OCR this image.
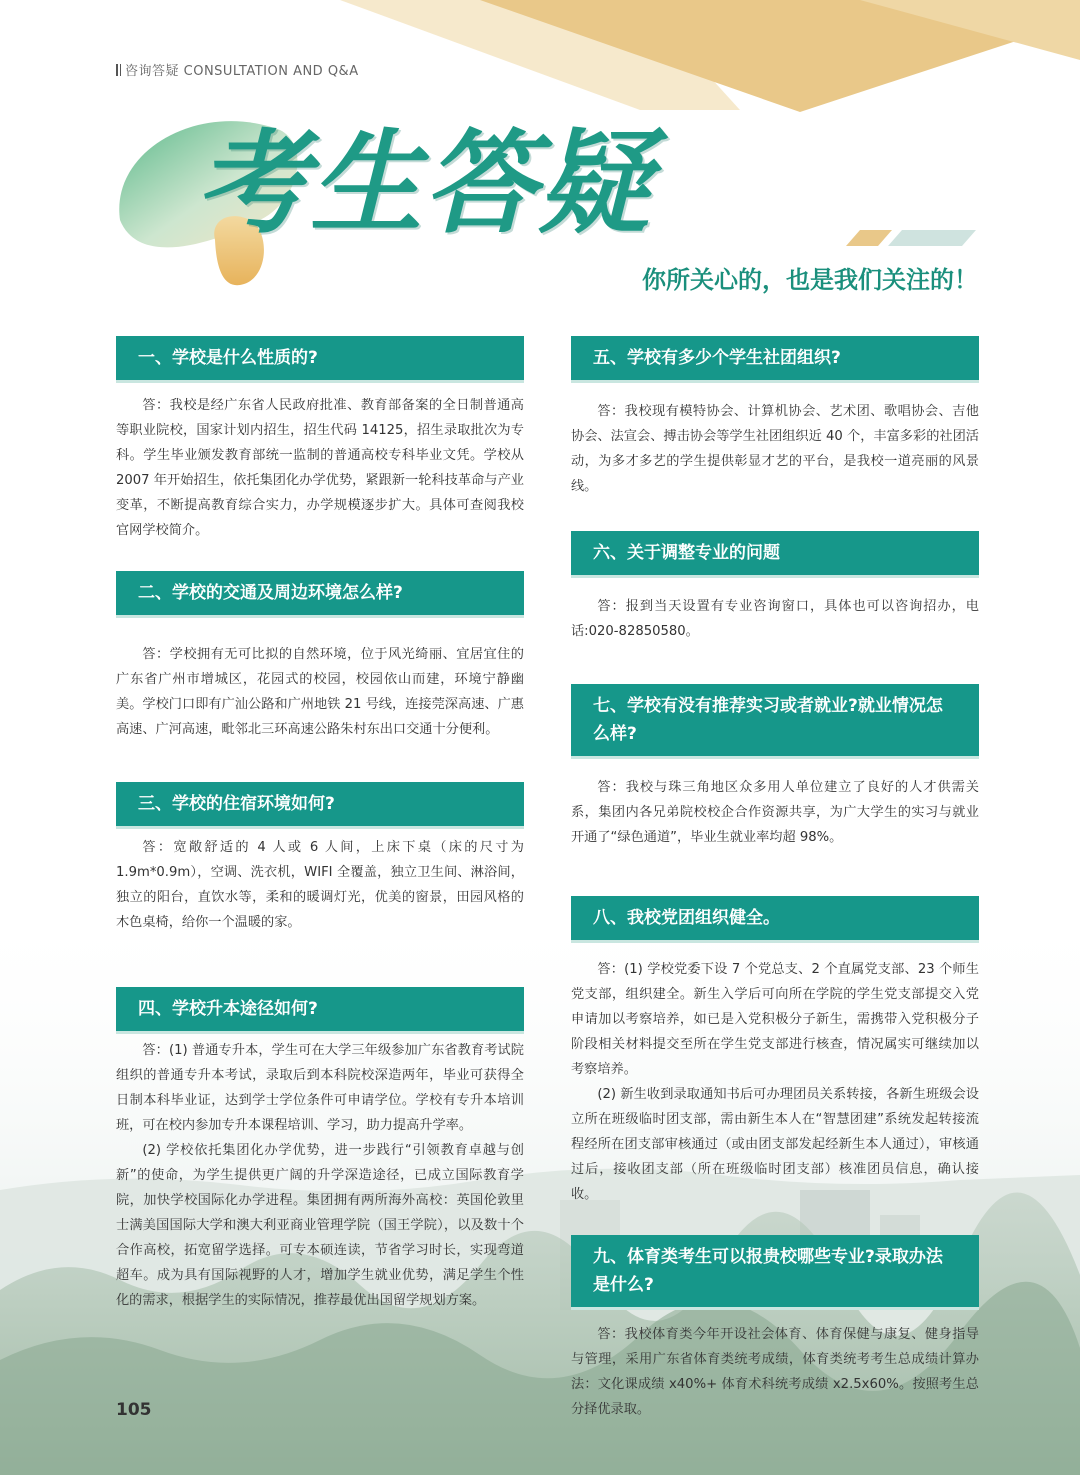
咨询答疑 CONSULTATION AND Q&A
考生答疑
你所关心的，也是我们关注的！
一、学校是什么性质的?

答：我校是经广东省人民政府批准、教育部备案的全日制普通高等职业院校，国家计划内招生，招生代码 14125，招生录取批次为专科。学生毕业颁发教育部统一监制的普通高校专科毕业文凭。学校从 2007 年开始招生，依托集团化办学优势，紧跟新一轮科技革命与产业变革，不断提高教育综合实力，办学规模逐步扩大。具体可查阅我校官网学校简介。

二、学校的交通及周边环境怎么样?

答：学校拥有无可比拟的自然环境，位于风光绮丽、宜居宜住的广东省广州市增城区，花园式的校园，校园依山而建，环境宁静幽美。学校门口即有广汕公路和广州地铁 21 号线，连接莞深高速、广惠高速、广河高速，毗邻北三环高速公路朱村东出口交通十分便利。

三、学校的住宿环境如何?

答：宽敞舒适的 4 人或 6 人间，上床下桌（床的尺寸为 1.9m*0.9m），空调、洗衣机，WIFI 全覆盖，独立卫生间、淋浴间，独立的阳台，直饮水等，柔和的暖调灯光，优美的窗景，田园风格的木色桌椅，给你一个温暖的家。

四、学校升本途径如何?

答：(1) 普通专升本，学生可在大学三年级参加广东省教育考试院组织的普通专升本考试，录取后到本科院校深造两年，毕业可获得全日制本科毕业证，达到学士学位条件可申请学位。学校有专升本培训班，可在校内参加专升本课程培训、学习，助力提高升学率。

(2) 学校依托集团化办学优势，进一步践行“引领教育卓越与创新”的使命，为学生提供更广阔的升学深造途径，已成立国际教育学院，加快学校国际化办学进程。集团拥有两所海外高校：英国伦敦里士满美国国际大学和澳大利亚商业管理学院（国王学院），以及数十个合作高校，拓宽留学选择。可专本硕连读，节省学习时长，实现弯道超车。成为具有国际视野的人才，增加学生就业优势，满足学生个性化的需求，根据学生的实际情况，推荐最优出国留学规划方案。

五、学校有多少个学生社团组织?

答：我校现有模特协会、计算机协会、艺术团、歌唱协会、吉他协会、法宣会、搏击协会等学生社团组织近 40 个，丰富多彩的社团活动，为多才多艺的学生提供彰显才艺的平台，是我校一道亮丽的风景线。

六、关于调整专业的问题

答：报到当天设置有专业咨询窗口，具体也可以咨询招办，电话:020-82850580。

七、学校有没有推荐实习或者就业?就业情况怎么样?

答：我校与珠三角地区众多用人单位建立了良好的人才供需关系，集团内各兄弟院校校企合作资源共享，为广大学生的实习与就业开通了“绿色通道”，毕业生就业率均超 98%。

八、我校党团组织健全。

答：(1) 学校党委下设 7 个党总支、2 个直属党支部、23 个师生党支部，组织建全。新生入学后可向所在学院的学生党支部提交入党申请加以考察培养，如已是入党积极分子新生，需携带入党积极分子阶段相关材料提交至所在学生党支部进行核查，情况属实可继续加以考察培养。

(2) 新生收到录取通知书后可办理团员关系转接，各新生班级会设立所在班级临时团支部，需由新生本人在“智慧团建”系统发起转接流程经所在团支部审核通过（或由团支部发起经新生本人通过），审核通过后，接收团支部（所在班级临时团支部）核准团员信息，确认接收。

九、体育类考生可以报贵校哪些专业?录取办法是什么?

答：我校体育类今年开设社会体育、体育保健与康复、健身指导与管理，采用广东省体育类统考成绩，体育类统考考生总成绩计算办法：文化课成绩 x40%+ 体育术科统考成绩 x2.5x60%。按照考生总分择优录取。

105
